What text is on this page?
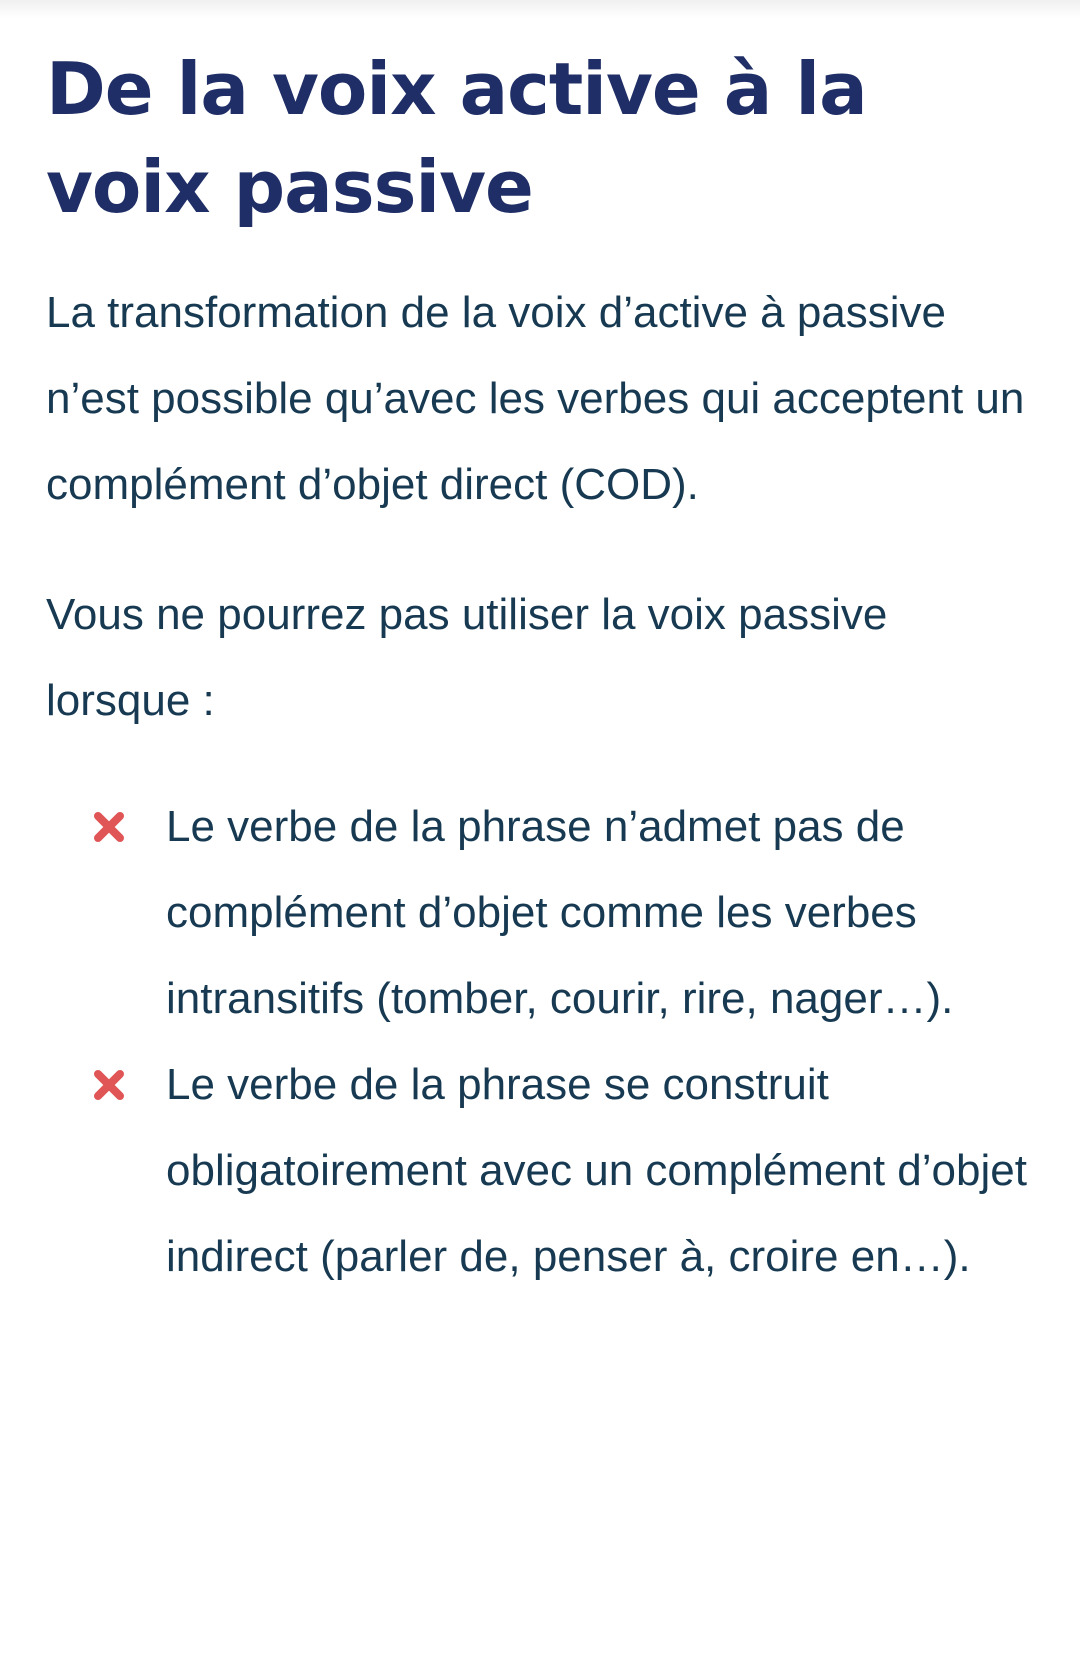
De la voix active à la voix passive

La transformation de la voix d’active à passive n’est possible qu’avec les verbes qui acceptent un complément d’objet direct (COD).

Vous ne pourrez pas utiliser la voix passive lorsque :

Le verbe de la phrase n’admet pas de complément d’objet comme les verbes intransitifs (tomber, courir, rire, nager…).
Le verbe de la phrase se construit obligatoirement avec un complément d’objet indirect (parler de, penser à, croire en…).
